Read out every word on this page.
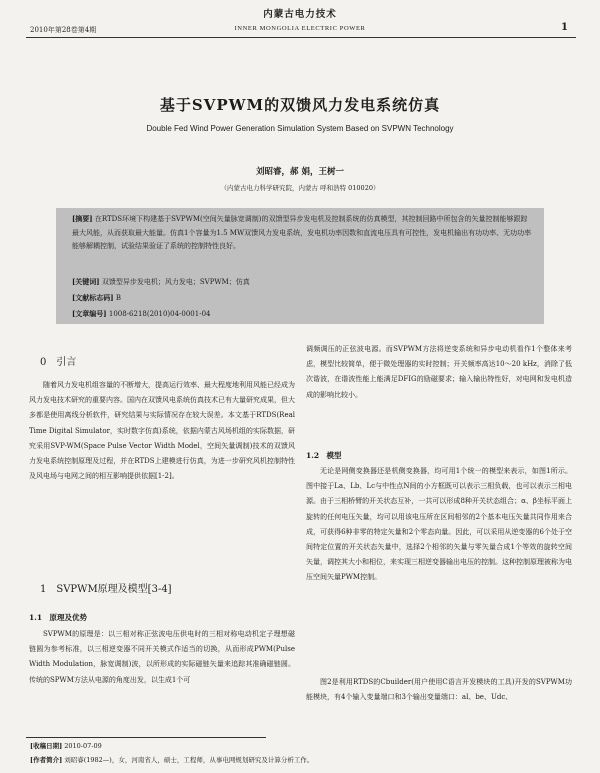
内蒙古电力技术
2010年第28卷第4期	INNER MONGOLIA ELECTRIC POWER	1
基于SVPWM的双馈风力发电系统仿真
Double Fed Wind Power Generation Simulation System Based on SVPWN Technology
刘昭睿，郝 娟，王树一
（内蒙古电力科学研究院，内蒙古 呼和浩特 010020）
[摘要] 在RTDS环境下构建基于SVPWM(空间矢量脉宽调制)的双馈型异步发电机及控制系统的仿真模型，其控制回路中所包含的矢量控制能够跟踪最大风能，从而获取最大能量。仿真1个容量为1.5 MW双馈风力发电系统，发电机功率因数和直流电压具有可控性，发电机输出有功功率、无功功率能够解耦控制，试验结果验证了系统的控制特性良好。
[关键词] 双馈型异步发电机；风力发电；SVPWM；仿真
[文献标志码] B
[文章编号] 1008-6218(2010)04-0001-04
0　引言

随着风力发电机组容量的不断增大，提高运行效率、最大程度地利用风能已经成为风力发电技术研究的重要内容。国内在双馈风电系统仿真技术已有大量研究成果，但大多都是使用离线分析软件，研究结果与实际情况存在较大误差。本文基于RTDS(Real Time Digital Simulator，实时数字仿真)系统，依据内蒙古风场机组的实际数据，研究采用SVP-WM(Space Pulse Vector Width Model，空间矢量调制)技术的双馈风力发电系统控制原理及过程，并在RTDS上建模进行仿真，为进一步研究风机控制特性及风电场与电网之间的相互影响提供依据[1-2]。

1　SVPWM原理及模型[3-4]
1.1　原理及优势

SVPWM的原理是：以三相对称正弦波电压供电时的三相对称电动机定子理想磁链圆为参考标准，以三相逆变器不同开关模式作适当的切换，从而形成PWM(Pulse Width Modulation，脉宽调制)波，以所形成的实际磁链矢量来追踪其准确磁链圆。传统的SPWM方法从电源的角度出发，以生成1个可

调频调压的正弦波电源。而SVPWM方法将逆变系统和异步电动机看作1个整体来考虑，模型比较简单，便于微处理器的实时控制；开关频率高达10～20 kHz，消除了低次谐波，在谐波性能上能满足DFIG的励磁要求；输入输出特性好，对电网和发电机造成的影响比较小。

1.2　模型

无论是网侧变换器还是机侧变换器，均可用1个统一的模型来表示，如图1所示。图中接于La、Lb、Lc与中性点N间的小方框既可以表示三相负载，也可以表示三相电源。由于三相桥臂的开关状态互补，一共可以形成8种开关状态组合；α、β坐标平面上旋转的任何电压矢量，均可以用该电压所在区间相邻的2个基本电压矢量共同作用来合成，可获得6种非零的特定矢量和2个零态向量。因此，可以采用从逆变器的6个处于空间特定位置的开关状态矢量中，选择2个相邻的矢量与零矢量合成1个等效的旋转空间矢量，调控其大小和相位，来实现三相逆变器输出电压的控制。这种控制原理被称为电压空间矢量PWM控制。

图2是利用RTDS的Cbuilder(用户使用C语言开发模块的工具)开发的SVPWM功能模块，有4个输入变量端口和3个输出变量端口：al、be、Udc、

[收稿日期] 2010-07-09
[作者简介] 刘昭睿(1982—)，女，河南省人，硕士，工程师，从事电网规划研究及计算分析工作。
